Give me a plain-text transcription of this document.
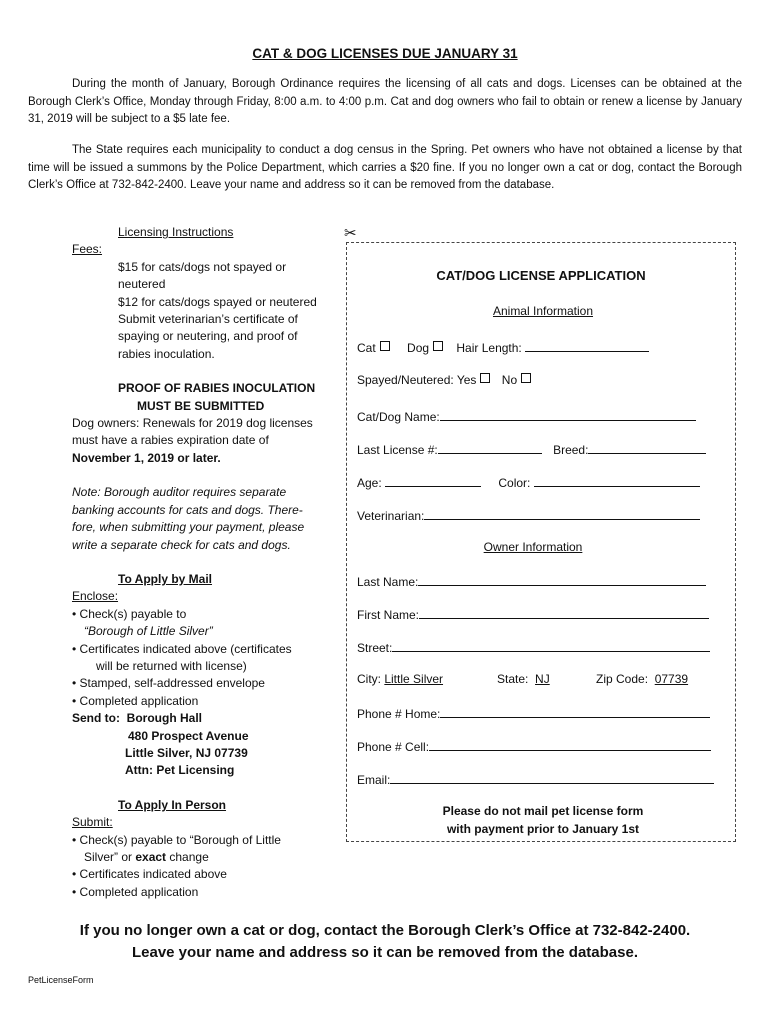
CAT & DOG LICENSES DUE JANUARY 31

During the month of January, Borough Ordinance requires the licensing of all cats and dogs. Licenses can be obtained at the Borough Clerk’s Office, Monday through Friday, 8:00 a.m. to 4:00 p.m. Cat and dog owners who fail to obtain or renew a license by January 31, 2019 will be subject to a $5 late fee.

The State requires each municipality to conduct a dog census in the Spring. Pet owners who have not obtained a license by that time will be issued a summons by the Police Department, which carries a $20 fine. If you no longer own a cat or dog, contact the Borough Clerk’s Office at 732-842-2400. Leave your name and address so it can be removed from the database.

Licensing Instructions
Fees:
$15 for cats/dogs not spayed or
neutered
$12 for cats/dogs spayed or neutered
Submit veterinarian’s certificate of
spaying or neutering, and proof of
rabies inoculation.
PROOF OF RABIES INOCULATION
MUST BE SUBMITTED
Dog owners: Renewals for 2019 dog licenses
must have a rabies expiration date of
November 1, 2019 or later.
Note: Borough auditor requires separate
banking accounts for cats and dogs. There-
fore, when submitting your payment, please
write a separate check for cats and dogs.
To Apply by Mail
Enclose:
• Check(s) payable to
“Borough of Little Silver”
• Certificates indicated above (certificates
will be returned with license)
• Stamped, self-addressed envelope
• Completed application
Send to: Borough Hall
480 Prospect Avenue
Little Silver, NJ 07739
Attn: Pet Licensing
To Apply In Person
Submit:
• Check(s) payable to “Borough of Little
Silver” or exact change
• Certificates indicated above
• Completed application
✂
CAT/DOG LICENSE APPLICATION
Animal Information
Cat	Dog Hair Length:
Spayed/Neutered: Yes No
Cat/Dog Name:
Last License #:	Breed:
Age:	Color:
Veterinarian:
Owner Information
Last Name:
First Name:
Street:
City: Little Silver	State: NJ	Zip Code: 07739
Phone # Home:
Phone # Cell:
Email:
Please do not mail pet license form
with payment prior to January 1st
If you no longer own a cat or dog, contact the Borough Clerk’s Office at 732-842-2400.
Leave your name and address so it can be removed from the database.
PetLicenseForm
